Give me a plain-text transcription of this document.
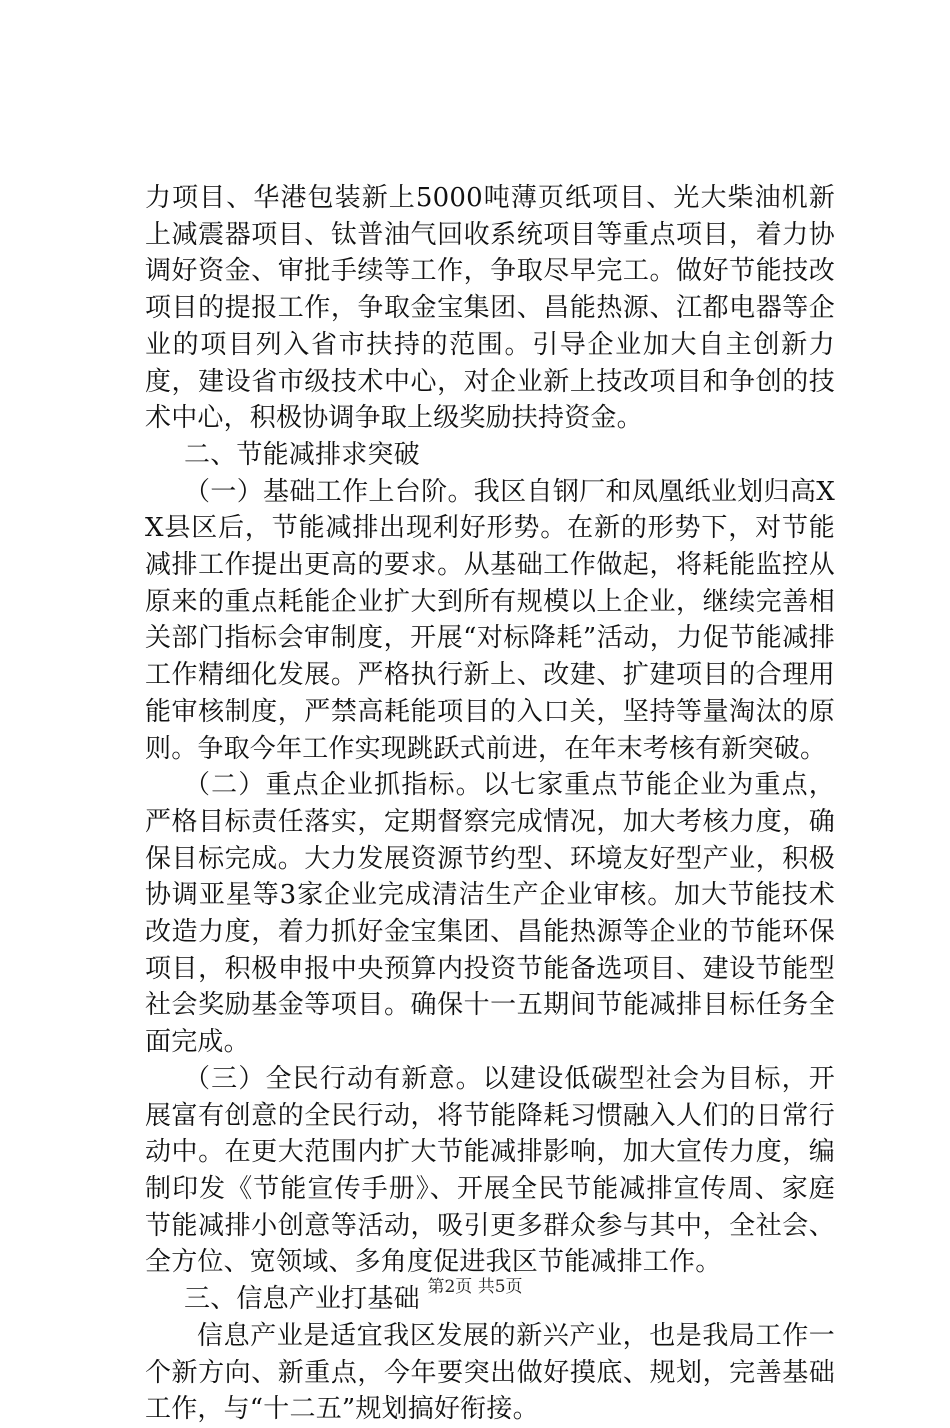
力项目、华港包装新上5000吨薄页纸项目、光大柴油机新上减震器项目、钛普油气回收系统项目等重点项目，着力协调好资金、审批手续等工作，争取尽早完工。做好节能技改项目的提报工作，争取金宝集团、昌能热源、江都电器等企业的项目列入省市扶持的范围。引导企业加大自主创新力度，建设省市级技术中心，对企业新上技改项目和争创的技术中心，积极协调争取上级奖励扶持资金。

二、节能减排求突破

（一）基础工作上台阶。我区自钢厂和凤凰纸业划归高XX县区后，节能减排出现利好形势。在新的形势下，对节能减排工作提出更高的要求。从基础工作做起，将耗能监控从原来的重点耗能企业扩大到所有规模以上企业，继续完善相关部门指标会审制度，开展“对标降耗”活动，力促节能减排工作精细化发展。严格执行新上、改建、扩建项目的合理用能审核制度，严禁高耗能项目的入口关，坚持等量淘汰的原则。争取今年工作实现跳跃式前进，在年末考核有新突破。

（二）重点企业抓指标。以七家重点节能企业为重点，严格目标责任落实，定期督察完成情况，加大考核力度，确保目标完成。大力发展资源节约型、环境友好型产业，积极协调亚星等3家企业完成清洁生产企业审核。加大节能技术改造力度，着力抓好金宝集团、昌能热源等企业的节能环保项目，积极申报中央预算内投资节能备选项目、建设节能型社会奖励基金等项目。确保十一五期间节能减排目标任务全面完成。

（三）全民行动有新意。以建设低碳型社会为目标，开展富有创意的全民行动，将节能降耗习惯融入人们的日常行动中。在更大范围内扩大节能减排影响，加大宣传力度，编制印发《节能宣传手册》、开展全民节能减排宣传周、家庭节能减排小创意等活动，吸引更多群众参与其中，全社会、全方位、宽领域、多角度促进我区节能减排工作。

三、信息产业打基础

信息产业是适宜我区发展的新兴产业，也是我局工作一个新方向、新重点，今年要突出做好摸底、规划，完善基础工作，与“十二五”规划搞好衔接。

第2页 共5页
